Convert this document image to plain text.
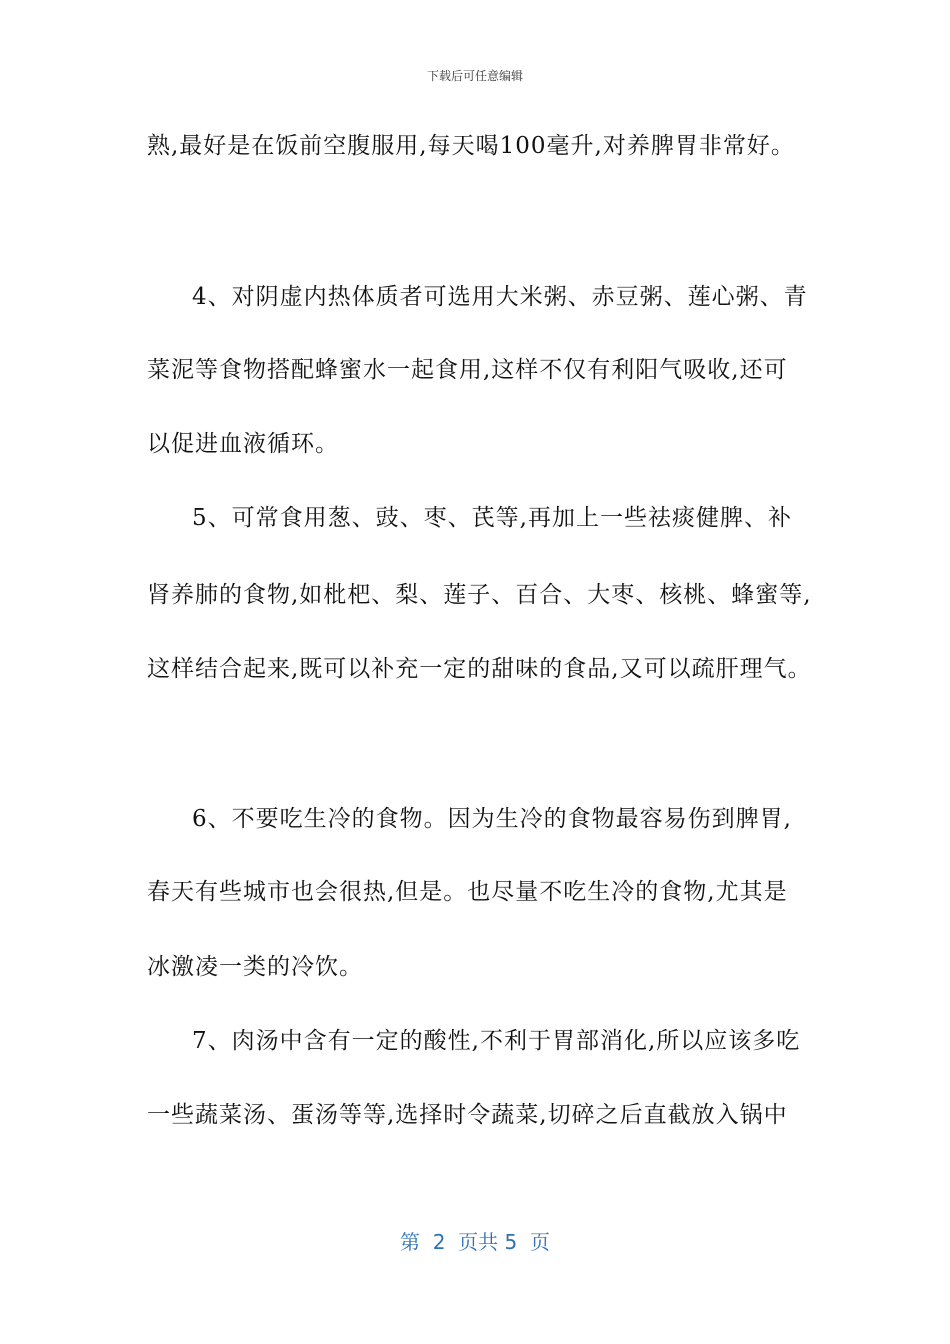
下载后可任意编辑
熟,最好是在饭前空腹服用,每天喝100毫升,对养脾胃非常好。
4、对阴虚内热体质者可选用大米粥、赤豆粥、莲心粥、青
菜泥等食物搭配蜂蜜水一起食用,这样不仅有利阳气吸收,还可
以促进血液循环。
5、可常食用葱、豉、枣、芪等,再加上一些祛痰健脾、补
肾养肺的食物,如枇杷、梨、莲子、百合、大枣、核桃、蜂蜜等,
这样结合起来,既可以补充一定的甜味的食品,又可以疏肝理气。
6、不要吃生冷的食物。因为生冷的食物最容易伤到脾胃,
春天有些城市也会很热,但是。也尽量不吃生冷的食物,尤其是
冰激凌一类的冷饮。
7、肉汤中含有一定的酸性,不利于胃部消化,所以应该多吃
一些蔬菜汤、蛋汤等等,选择时令蔬菜,切碎之后直截放入锅中
第  2  页共 5  页
